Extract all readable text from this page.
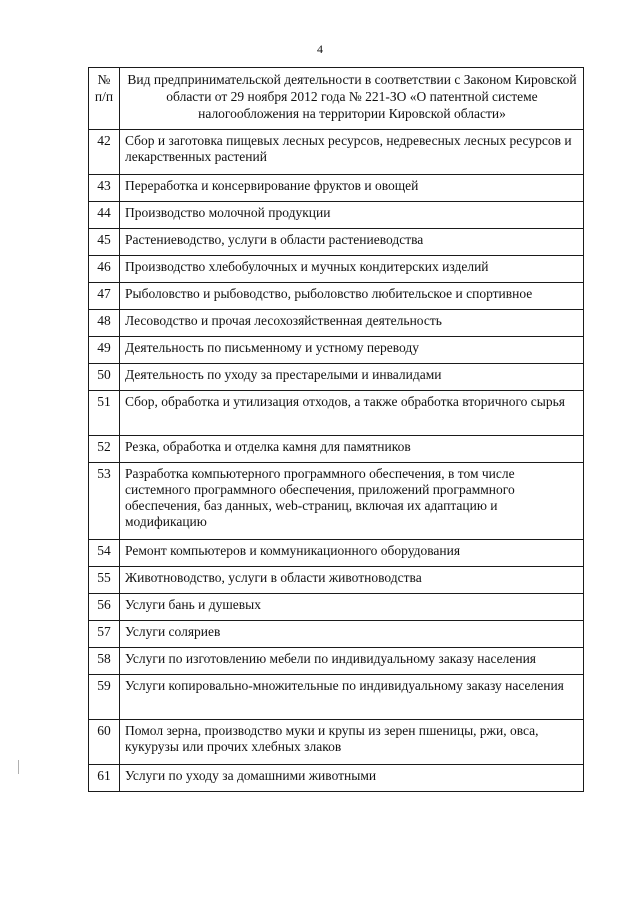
4
№ п/п	Вид предпринимательской деятельности в соответствии с Законом Кировской области от 29 ноября 2012 года № 221-ЗО «О патентной системе налогообложения на территории Кировской области»
42	Сбор и заготовка пищевых лесных ресурсов, недревесных лесных ресурсов и лекарственных растений
43	Переработка и консервирование фруктов и овощей
44	Производство молочной продукции
45	Растениеводство, услуги в области растениеводства
46	Производство хлебобулочных и мучных кондитерских изделий
47	Рыболовство и рыбоводство, рыболовство любительское и спортивное
48	Лесоводство и прочая лесохозяйственная деятельность
49	Деятельность по письменному и устному переводу
50	Деятельность по уходу за престарелыми и инвалидами
51	Сбор, обработка и утилизация отходов, а также обработка вторичного сырья
52	Резка, обработка и отделка камня для памятников
53	Разработка компьютерного программного обеспечения, в том числе системного программного обеспечения, приложений программного обеспечения, баз данных, web-страниц, включая их адаптацию и модификацию
54	Ремонт компьютеров и коммуникационного оборудования
55	Животноводство, услуги в области животноводства
56	Услуги бань и душевых
57	Услуги соляриев
58	Услуги по изготовлению мебели по индивидуальному заказу населения
59	Услуги копировально-множительные по индивидуальному заказу населения
60	Помол зерна, производство муки и крупы из зерен пшеницы, ржи, овса, кукурузы или прочих хлебных злаков
61	Услуги по уходу за домашними животными
